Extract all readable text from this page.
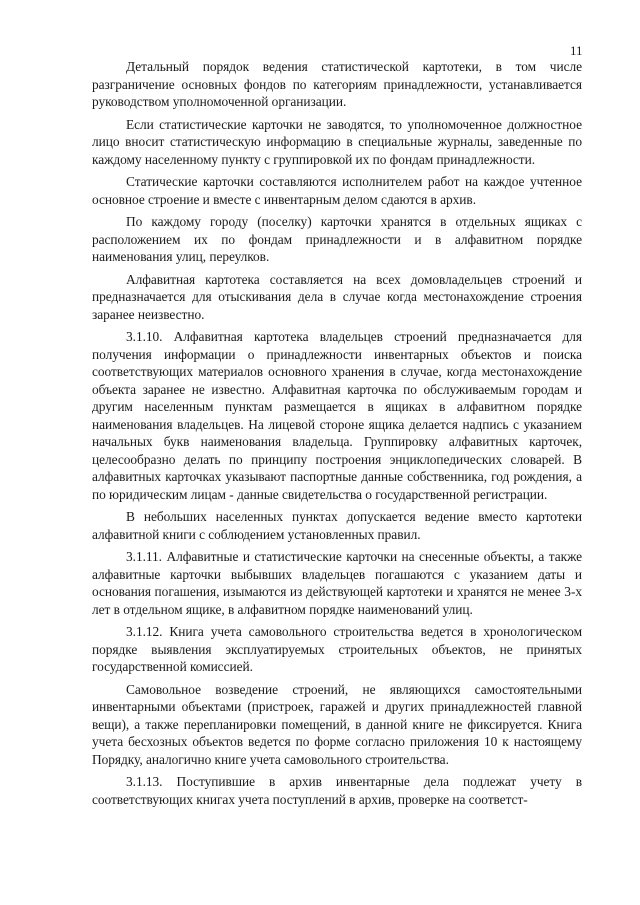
11

Детальный порядок ведения статистической картотеки, в том числе разграничение основных фондов по категориям принадлежности, устанавливается руководством уполномоченной организации.

Если статистические карточки не заводятся, то уполномоченное должностное лицо вносит статистическую информацию в специальные журналы, заведенные по каждому населенному пункту с группировкой их по фондам принадлежности.

Статические карточки составляются исполнителем работ на каждое учтенное основное строение и вместе с инвентарным делом сдаются в архив.

По каждому городу (поселку) карточки хранятся в отдельных ящиках с расположением их по фондам принадлежности и в алфавитном порядке наименования улиц, переулков.

Алфавитная картотека составляется на всех домовладельцев строений и предназначается для отыскивания дела в случае когда местонахождение строения заранее неизвестно.

3.1.10. Алфавитная картотека владельцев строений предназначается для получения информации о принадлежности инвентарных объектов и поиска соответствующих материалов основного хранения в случае, когда местонахождение объекта заранее не известно. Алфавитная карточка по обслуживаемым городам и другим населенным пунктам размещается в ящиках в алфавитном порядке наименования владельцев. На лицевой стороне ящика делается надпись с указанием начальных букв наименования владельца. Группировку алфавитных карточек, целесообразно делать по принципу построения энциклопедических словарей. В алфавитных карточках указывают паспортные данные собственника, год рождения, а по юридическим лицам - данные свидетельства о государственной регистрации.

В небольших населенных пунктах допускается ведение вместо картотеки алфавитной книги с соблюдением установленных правил.

3.1.11. Алфавитные и статистические карточки на снесенные объекты, а также алфавитные карточки выбывших владельцев погашаются с указанием даты и основания погашения, изымаются из действующей картотеки и хранятся не менее 3-х лет в отдельном ящике, в алфавитном порядке наименований улиц.

3.1.12. Книга учета самовольного строительства ведется в хронологическом порядке выявления эксплуатируемых строительных объектов, не принятых государственной комиссией.

Самовольное возведение строений, не являющихся самостоятельными инвентарными объектами (пристроек, гаражей и других принадлежностей главной вещи), а также перепланировки помещений, в данной книге не фиксируется. Книга учета бесхозных объектов ведется по форме согласно приложения 10 к настоящему Порядку, аналогично книге учета самовольного строительства.

3.1.13. Поступившие в архив инвентарные дела подлежат учету в соответствующих книгах учета поступлений в архив, проверке на соответст-
